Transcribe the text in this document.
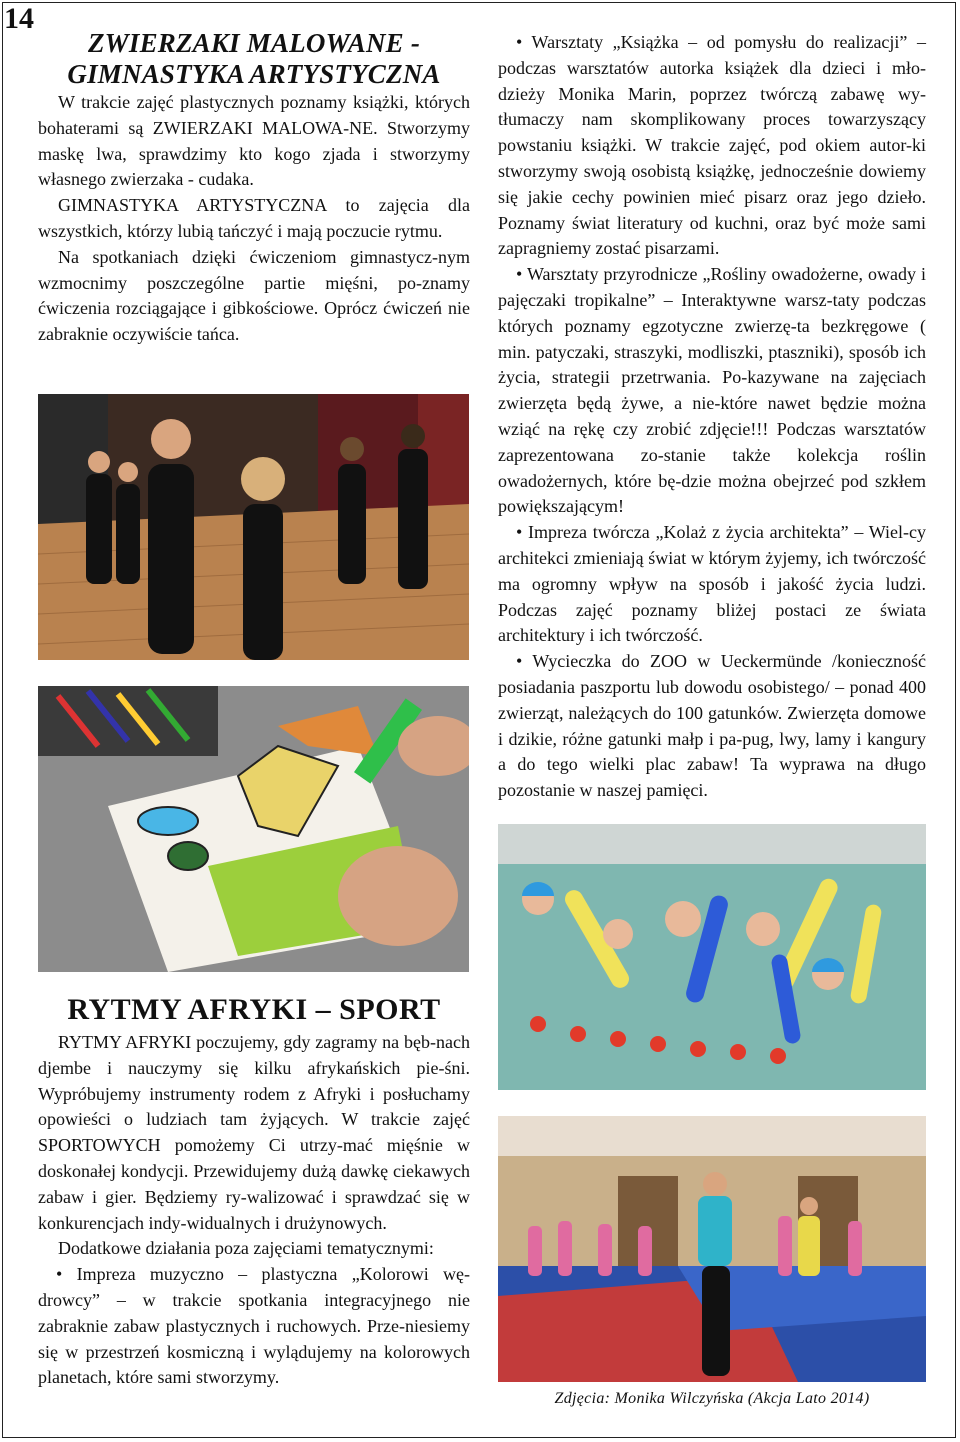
14
ZWIERZAKI MALOWANE -
GIMNASTYKA ARTYSTYCZNA

W trakcie zajęć plastycznych poznamy książki, których bohaterami są ZWIERZAKI MALOWA-NE. Stworzymy maskę lwa, sprawdzimy kto kogo zjada i stworzymy własnego zwierzaka - cudaka.

GIMNASTYKA ARTYSTYCZNA to zajęcia dla wszystkich, którzy lubią tańczyć i mają poczucie rytmu.

Na spotkaniach dzięki ćwiczeniom gimnastycz-nym wzmocnimy poszczególne partie mięśni, po-znamy ćwiczenia rozciągające i gibkościowe. Oprócz ćwiczeń nie zabraknie oczywiście tańca.

RYTMY AFRYKI – SPORT

RYTMY AFRYKI poczujemy, gdy zagramy na bęb-nach djembe i nauczymy się kilku afrykańskich pie-śni. Wypróbujemy instrumenty rodem z Afryki i posłuchamy opowieści o ludziach tam żyjących. W trakcie zajęć SPORTOWYCH pomożemy Ci utrzy-mać mięśnie w doskonałej kondycji. Przewidujemy dużą dawkę ciekawych zabaw i gier. Będziemy ry-walizować i sprawdzać się w konkurencjach indy-widualnych i drużynowych.

Dodatkowe działania poza zajęciami tematycznymi:

• Impreza muzyczno – plastyczna „Kolorowi wę-drowcy” – w trakcie spotkania integracyjnego nie zabraknie zabaw plastycznych i ruchowych. Prze-niesiemy się w przestrzeń kosmiczną i wylądujemy na kolorowych planetach, które sami stworzymy.

• Warsztaty „Książka – od pomysłu do realizacji” – podczas warsztatów autorka książek dla dzieci i mło-dzieży Monika Marin, poprzez twórczą zabawę wy-tłumaczy nam skomplikowany proces towarzyszący powstaniu książki. W trakcie zajęć, pod okiem autor-ki stworzymy swoją osobistą książkę, jednocześnie dowiemy się jakie cechy powinien mieć pisarz oraz jego dzieło. Poznamy świat literatury od kuchni, oraz być może sami zapragniemy zostać pisarzami.

• Warsztaty przyrodnicze „Rośliny owadożerne, owady i pajęczaki tropikalne” – Interaktywne warsz-taty podczas których poznamy egzotyczne zwierzę-ta bezkręgowe ( min. patyczaki, straszyki, modliszki, ptaszniki), sposób ich życia, strategii przetrwania. Po-kazywane na zajęciach zwierzęta będą żywe, a nie-które nawet będzie można wziąć na rękę czy zrobić zdjęcie!!! Podczas warsztatów zaprezentowana zo-stanie także kolekcja roślin owadożernych, które bę-dzie można obejrzeć pod szkłem powiększającym!

• Impreza twórcza „Kolaż z życia architekta” – Wiel-cy architekci zmieniają świat w którym żyjemy, ich twórczość ma ogromny wpływ na sposób i jakość życia ludzi. Podczas zajęć poznamy bliżej postaci ze świata architektury i ich twórczość.

• Wycieczka do ZOO w Ueckermünde /konieczność posiadania paszportu lub dowodu osobistego/ – ponad 400 zwierząt, należących do 100 gatunków. Zwierzęta domowe i dzikie, różne gatunki małp i pa-pug, lwy, lamy i kangury a do tego wielki plac zabaw! Ta wyprawa na długo pozostanie w naszej pamięci.

Zdjęcia: Monika Wilczyńska (Akcja Lato 2014)
